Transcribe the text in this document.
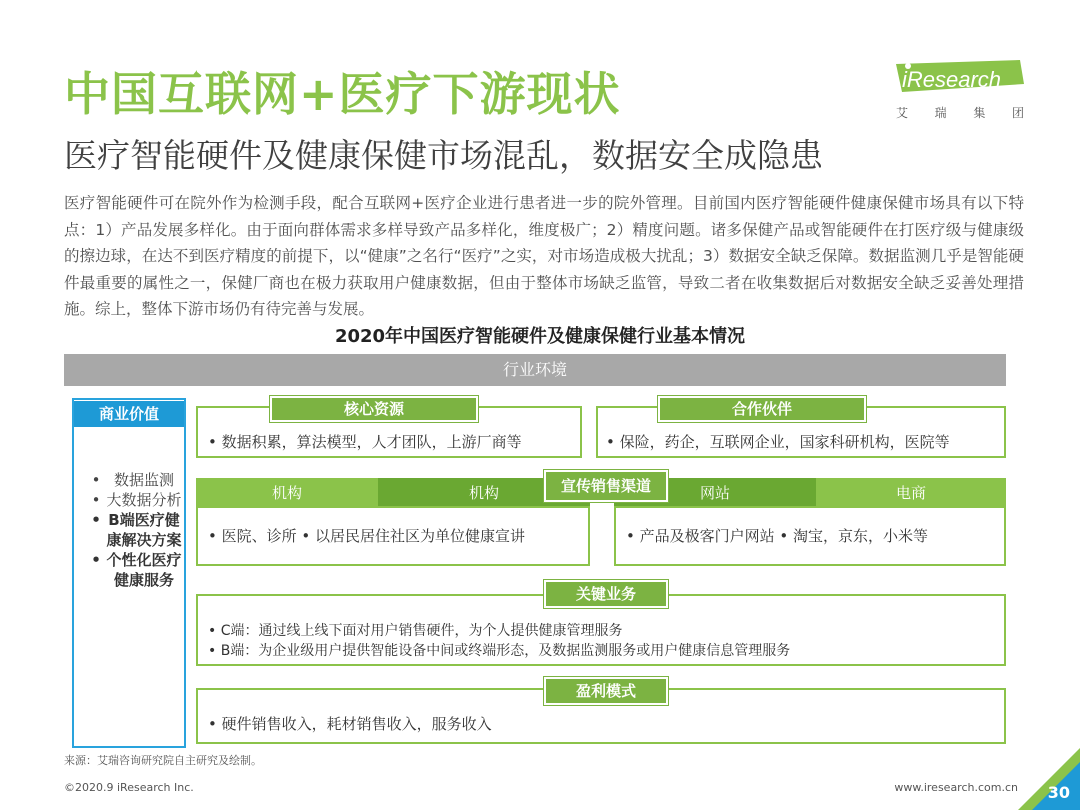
中国互联网+医疗下游现状
医疗智能硬件及健康保健市场混乱，数据安全成隐患
iResearch
艾 瑞 集 团
医疗智能硬件可在院外作为检测手段，配合互联网+医疗企业进行患者进一步的院外管理。目前国内医疗智能硬件健康保健市场具有以下特点：1）产品发展多样化。由于面向群体需求多样导致产品多样化，维度极广；2）精度问题。诸多保健产品或智能硬件在打医疗级与健康级的擦边球，在达不到医疗精度的前提下，以“健康”之名行“医疗”之实，对市场造成极大扰乱；3）数据安全缺乏保障。数据监测几乎是智能硬件最重要的属性之一，保健厂商也在极力获取用户健康数据，但由于整体市场缺乏监管，导致二者在收集数据后对数据安全缺乏妥善处理措施。综上，整体下游市场仍有待完善与发展。
2020年中国医疗智能硬件及健康保健行业基本情况
行业环境
商业价值
• 数据监测
• 大数据分析
• B端医疗健康解决方案
• 个性化医疗健康服务
核心资源
• 数据积累，算法模型，人才团队，上游厂商等
合作伙伴
• 保险，药企，互联网企业，国家科研机构，医院等
机构	机构	网站	电商
宣传销售渠道
• 医院、诊所 • 以居民居住社区为单位健康宣讲	• 产品及极客门户网站 • 淘宝，京东，小米等
关键业务
• C端：通过线上线下面对用户销售硬件，为个人提供健康管理服务
• B端：为企业级用户提供智能设备中间或终端形态，及数据监测服务或用户健康信息管理服务
盈利模式
• 硬件销售收入，耗材销售收入，服务收入
来源：艾瑞咨询研究院自主研究及绘制。
©2020.9 iResearch Inc.	www.iresearch.com.cn 30
